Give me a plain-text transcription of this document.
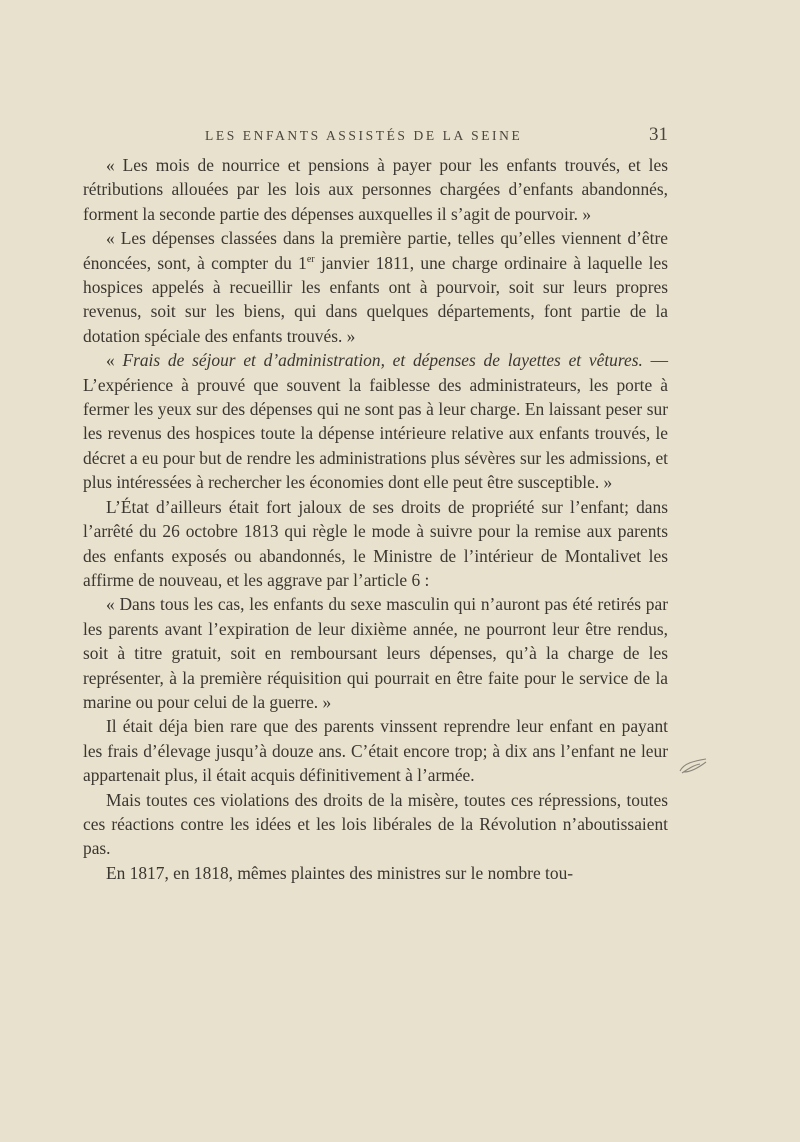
LES ENFANTS ASSISTÉS DE LA SEINE	31

« Les mois de nourrice et pensions à payer pour les enfants trouvés, et les rétributions allouées par les lois aux personnes chargées d’enfants abandonnés, forment la seconde partie des dépenses auxquelles il s’agit de pourvoir. »

« Les dépenses classées dans la première partie, telles qu’elles viennent d’être énoncées, sont, à compter du 1er janvier 1811, une charge ordinaire à laquelle les hospices appelés à recueillir les enfants ont à pourvoir, soit sur leurs propres revenus, soit sur les biens, qui dans quelques départements, font partie de la dotation spéciale des enfants trouvés. »

« Frais de séjour et d’administration, et dépenses de layettes et vêtures. — L’expérience à prouvé que souvent la faiblesse des administrateurs, les porte à fermer les yeux sur des dépenses qui ne sont pas à leur charge. En laissant peser sur les revenus des hospices toute la dépense intérieure relative aux enfants trouvés, le décret a eu pour but de rendre les administrations plus sévères sur les admissions, et plus intéressées à rechercher les économies dont elle peut être susceptible. »

L’État d’ailleurs était fort jaloux de ses droits de propriété sur l’enfant; dans l’arrêté du 26 octobre 1813 qui règle le mode à suivre pour la remise aux parents des enfants exposés ou abandonnés, le Ministre de l’intérieur de Montalivet les affirme de nouveau, et les aggrave par l’article 6 :

« Dans tous les cas, les enfants du sexe masculin qui n’auront pas été retirés par les parents avant l’expiration de leur dixième année, ne pourront leur être rendus, soit à titre gratuit, soit en remboursant leurs dépenses, qu’à la charge de les représenter, à la première réquisition qui pourrait en être faite pour le service de la marine ou pour celui de la guerre. »

Il était déja bien rare que des parents vinssent reprendre leur enfant en payant les frais d’élevage jusqu’à douze ans. C’était encore trop; à dix ans l’enfant ne leur appartenait plus, il était acquis définitivement à l’armée.

Mais toutes ces violations des droits de la misère, toutes ces répressions, toutes ces réactions contre les idées et les lois libérales de la Révolution n’aboutissaient pas.

En 1817, en 1818, mêmes plaintes des ministres sur le nombre tou-
